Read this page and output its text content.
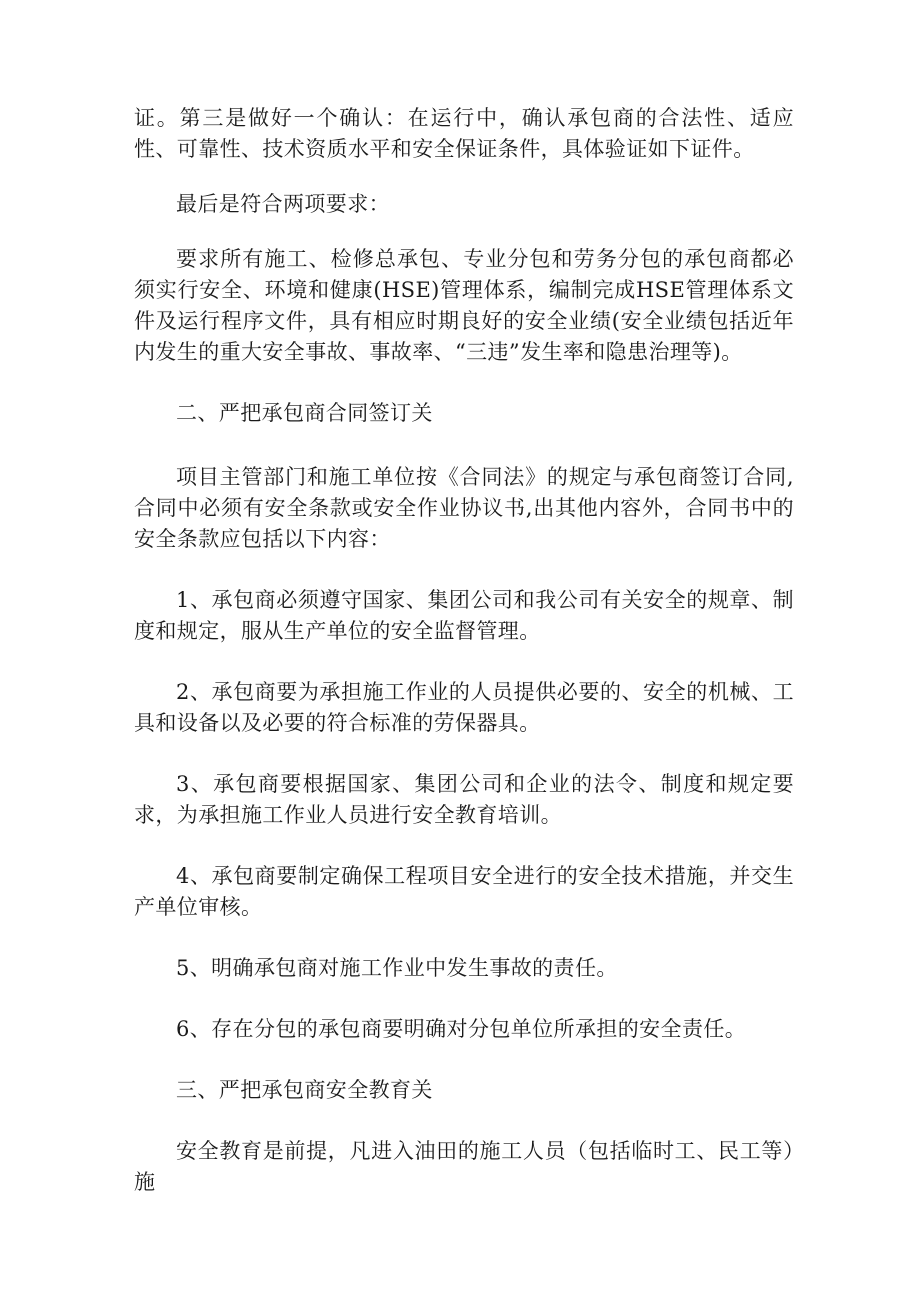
证。第三是做好一个确认：在运行中，确认承包商的合法性、适应性、可靠性、技术资质水平和安全保证条件，具体验证如下证件。

最后是符合两项要求：

要求所有施工、检修总承包、专业分包和劳务分包的承包商都必须实行安全、环境和健康(HSE)管理体系，编制完成HSE管理体系文件及运行程序文件，具有相应时期良好的安全业绩(安全业绩包括近年内发生的重大安全事故、事故率、“三违”发生率和隐患治理等)。

二、严把承包商合同签订关

项目主管部门和施工单位按《合同法》的规定与承包商签订合同,合同中必须有安全条款或安全作业协议书,出其他内容外，合同书中的安全条款应包括以下内容：

1、承包商必须遵守国家、集团公司和我公司有关安全的规章、制度和规定，服从生产单位的安全监督管理。

2、承包商要为承担施工作业的人员提供必要的、安全的机械、工具和设备以及必要的符合标准的劳保器具。

3、承包商要根据国家、集团公司和企业的法令、制度和规定要求，为承担施工作业人员进行安全教育培训。

4、承包商要制定确保工程项目安全进行的安全技术措施，并交生产单位审核。

5、明确承包商对施工作业中发生事故的责任。

6、存在分包的承包商要明确对分包单位所承担的安全责任。

三、严把承包商安全教育关

安全教育是前提，凡进入油田的施工人员（包括临时工、民工等）施
